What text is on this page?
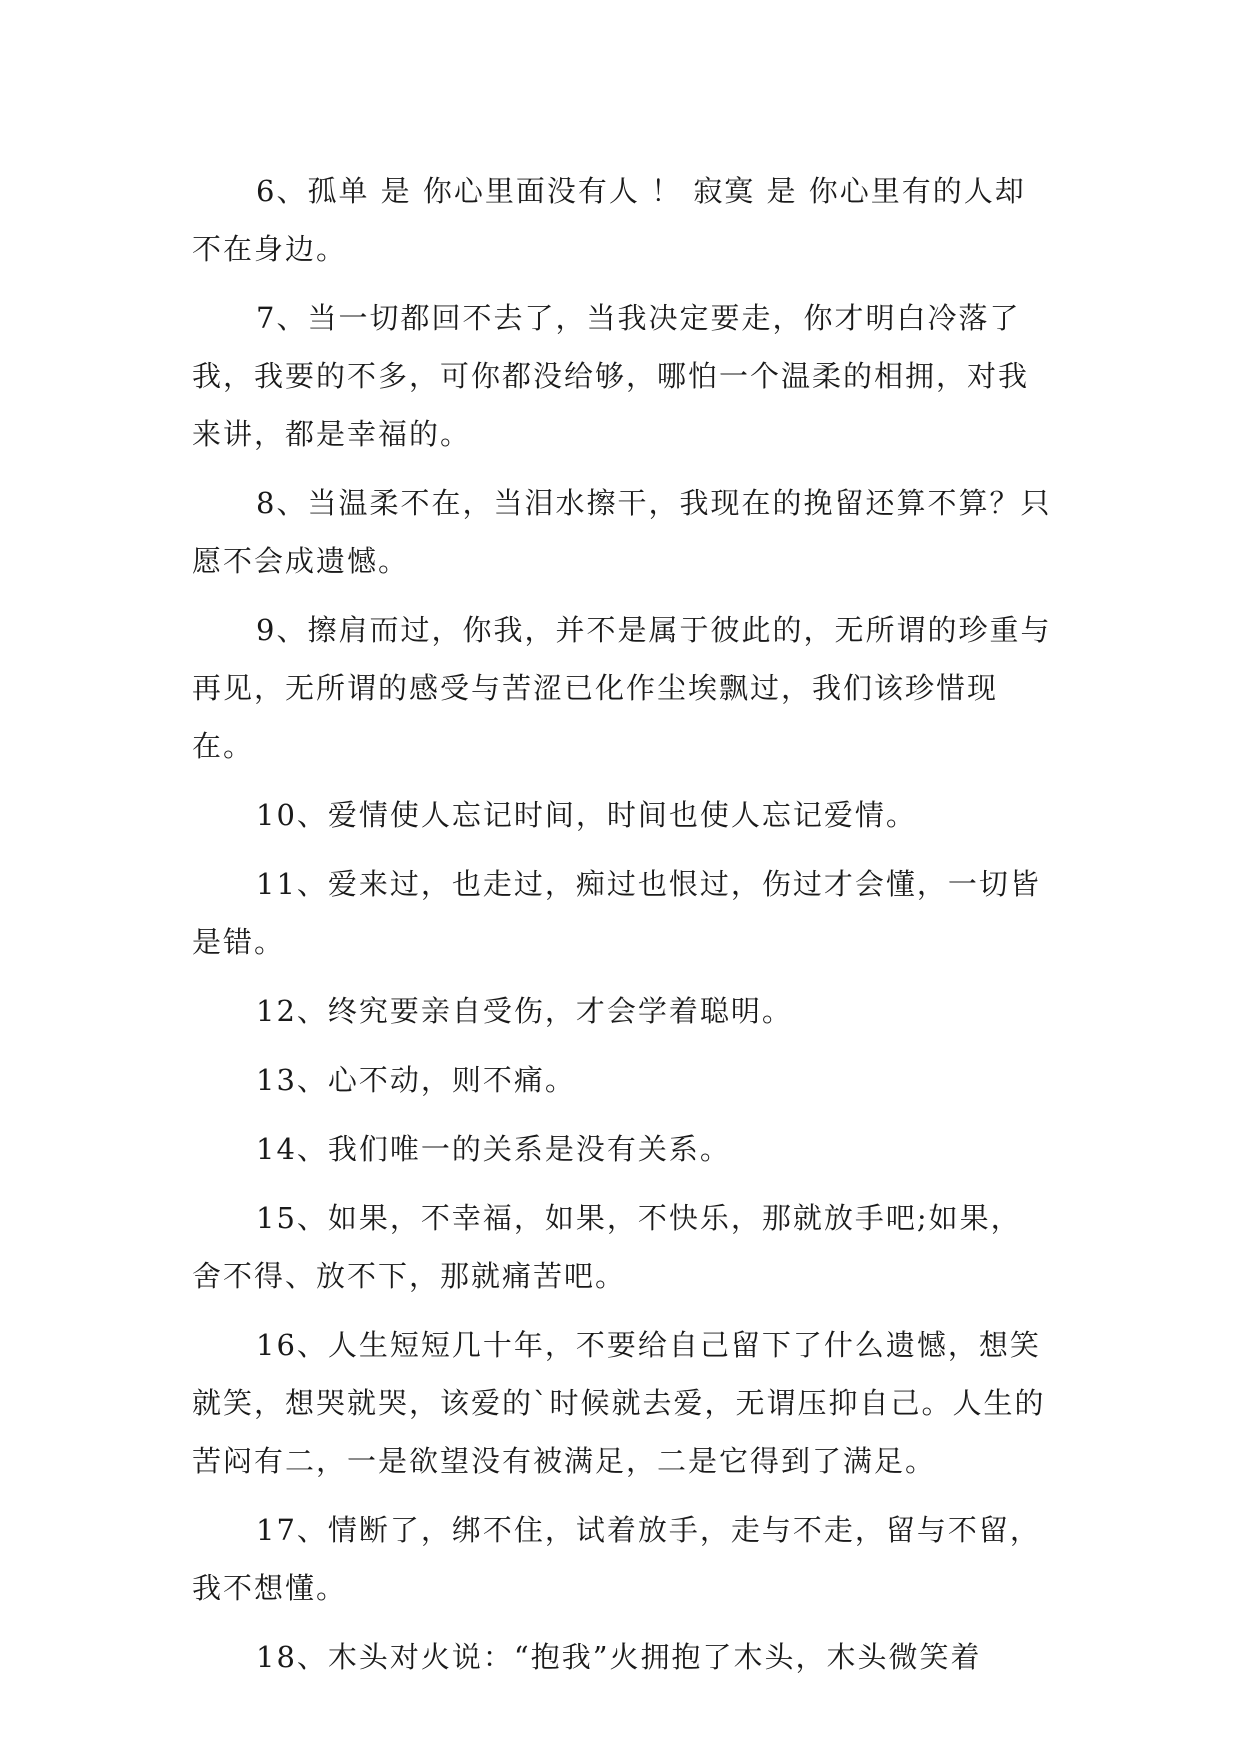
6、孤单 是 你心里面没有人 ！ 寂寞 是 你心里有的人却不在身边。

7、当一切都回不去了，当我决定要走，你才明白冷落了我，我要的不多，可你都没给够，哪怕一个温柔的相拥，对我来讲，都是幸福的。

8、当温柔不在，当泪水擦干，我现在的挽留还算不算？只愿不会成遗憾。

9、擦肩而过，你我，并不是属于彼此的，无所谓的珍重与再见，无所谓的感受与苦涩已化作尘埃飘过，我们该珍惜现在。

10、爱情使人忘记时间，时间也使人忘记爱情。

11、爱来过，也走过，痴过也恨过，伤过才会懂，一切皆是错。

12、终究要亲自受伤，才会学着聪明。

13、心不动，则不痛。

14、我们唯一的关系是没有关系。

15、如果，不幸福，如果，不快乐，那就放手吧;如果，舍不得、放不下，那就痛苦吧。

16、人生短短几十年，不要给自己留下了什么遗憾，想笑就笑，想哭就哭，该爱的`时候就去爱，无谓压抑自己。人生的苦闷有二，一是欲望没有被满足，二是它得到了满足。

17、情断了，绑不住，试着放手，走与不走，留与不留，我不想懂。

18、木头对火说：“抱我”火拥抱了木头，木头微笑着
